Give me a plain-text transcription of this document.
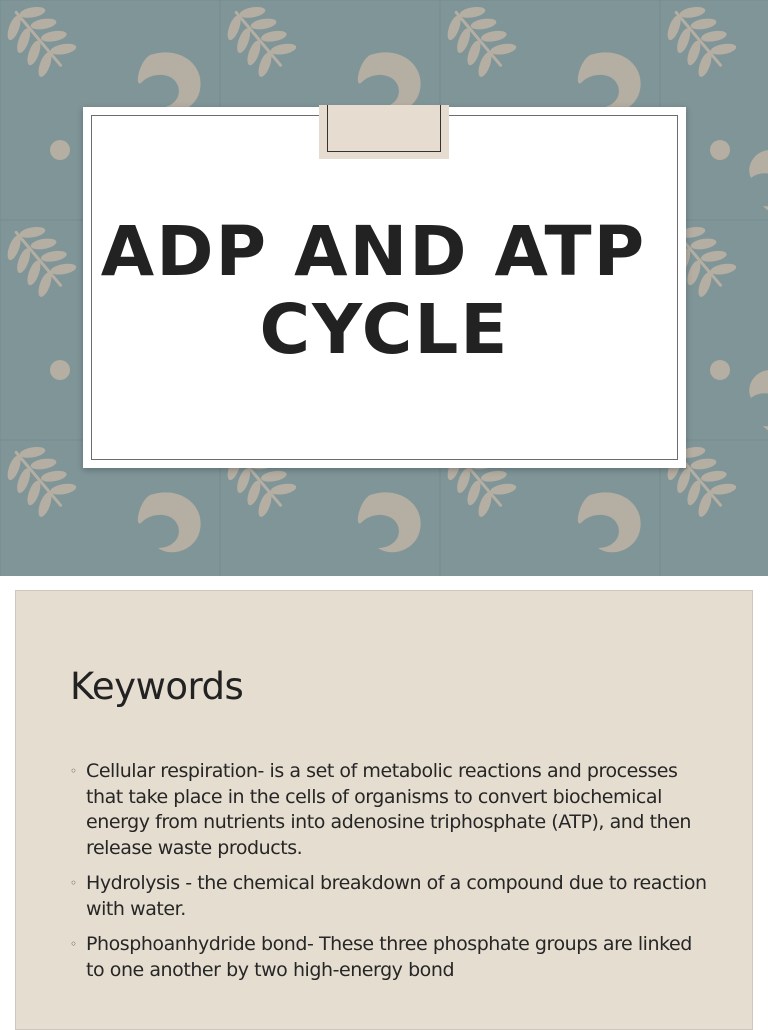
ADP AND ATP
CYCLE
Keywords
◦ Cellular respiration- is a set of metabolic reactions and processes that take place in the cells of organisms to convert biochemical energy from nutrients into adenosine triphosphate (ATP), and then release waste products.
◦ Hydrolysis - the chemical breakdown of a compound due to reaction with water.
◦ Phosphoanhydride bond- These three phosphate groups are linked to one another by two high-energy bond
